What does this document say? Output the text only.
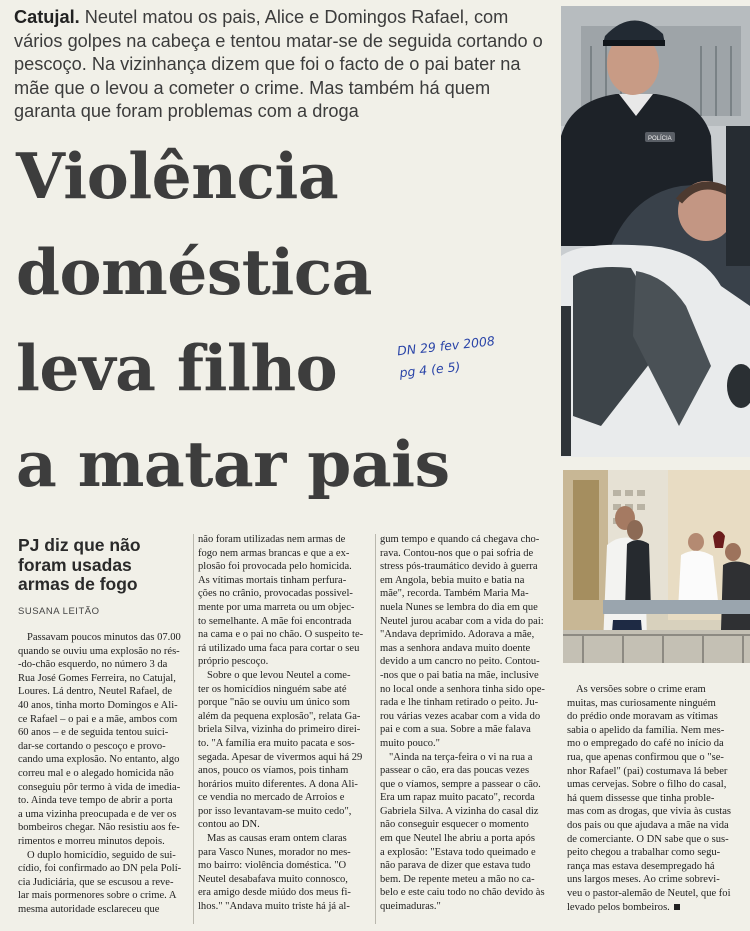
Catujal. Neutel matou os pais, Alice e Domingos Rafael, com vários golpes na cabeça e tentou matar-se de seguida cortando o pescoço. Na vizinhança dizem que foi o facto de o pai bater na mãe que o levou a cometer o crime. Mas também há quem garanta que foram problemas com a droga

Violência
doméstica
leva filho
a matar pais
DN 29 fev 2008
pg 4 (e 5)
POLÍCIA
PJ diz que não
foram usadas
armas de fogo
SUSANA LEITÃO
Passavam poucos minutos das 07.00
quando se ouviu uma explosão no rés-
-do-chão esquerdo, no número 3 da
Rua José Gomes Ferreira, no Catujal,
Loures. Lá dentro, Neutel Rafael, de
40 anos, tinha morto Domingos e Ali-
ce Rafael – o pai e a mãe, ambos com
60 anos – e de seguida tentou suici-
dar-se cortando o pescoço e provo-
cando uma explosão. No entanto, algo
correu mal e o alegado homicida não
conseguiu pôr termo à vida de imedia-
to. Ainda teve tempo de abrir a porta
a uma vizinha preocupada e de ver os
bombeiros chegar. Não resistiu aos fe-
rimentos e morreu minutos depois.
O duplo homicídio, seguido de sui-
cídio, foi confirmado ao DN pela Polí-
cia Judiciária, que se escusou a reve-
lar mais pormenores sobre o crime. A
mesma autoridade esclareceu que
não foram utilizadas nem armas de
fogo nem armas brancas e que a ex-
plosão foi provocada pelo homicida.
As vítimas mortais tinham perfura-
ções no crânio, provocadas possivel-
mente por uma marreta ou um objec-
to semelhante. A mãe foi encontrada
na cama e o pai no chão. O suspeito te-
rá utilizado uma faca para cortar o seu
próprio pescoço.
Sobre o que levou Neutel a come-
ter os homicídios ninguém sabe até
porque "não se ouviu um único som
além da pequena explosão", relata Ga-
briela Silva, vizinha do primeiro direi-
to. "A família era muito pacata e sos-
segada. Apesar de vivermos aqui há 29
anos, pouco os víamos, pois tinham
horários muito diferentes. A dona Ali-
ce vendia no mercado de Arroios e
por isso levantavam-se muito cedo",
contou ao DN.
Mas as causas eram ontem claras
para Vasco Nunes, morador no mes-
mo bairro: violência doméstica. "O
Neutel desabafava muito connosco,
era amigo desde miúdo dos meus fi-
lhos." "Andava muito triste há já al-
gum tempo e quando cá chegava cho-
rava. Contou-nos que o pai sofria de
stress pós-traumático devido à guerra
em Angola, bebia muito e batia na
mãe", recorda. Também Maria Ma-
nuela Nunes se lembra do dia em que
Neutel jurou acabar com a vida do pai:
"Andava deprimido. Adorava a mãe,
mas a senhora andava muito doente
devido a um cancro no peito. Contou-
-nos que o pai batia na mãe, inclusive
no local onde a senhora tinha sido ope-
rada e lhe tinham retirado o peito. Ju-
rou várias vezes acabar com a vida do
pai e com a sua. Sobre a mãe falava
muito pouco."
"Ainda na terça-feira o vi na rua a
passear o cão, era das poucas vezes
que o víamos, sempre a passear o cão.
Era um rapaz muito pacato", recorda
Gabriela Silva. A vizinha do casal diz
não conseguir esquecer o momento
em que Neutel lhe abriu a porta após
a explosão: "Estava todo queimado e
não parava de dizer que estava tudo
bem. De repente meteu a mão no ca-
belo e este caiu todo no chão devido às
queimaduras."
As versões sobre o crime eram
muitas, mas curiosamente ninguém
do prédio onde moravam as vítimas
sabia o apelido da família. Nem mes-
mo o empregado do café no início da
rua, que apenas confirmou que o "se-
nhor Rafael" (pai) costumava lá beber
umas cervejas. Sobre o filho do casal,
há quem dissesse que tinha proble-
mas com as drogas, que vivia às custas
dos pais ou que ajudava a mãe na vida
de comerciante. O DN sabe que o sus-
peito chegou a trabalhar como segu-
rança mas estava desempregado há
uns largos meses. Ao crime sobrevi-
veu o pastor-alemão de Neutel, que foi
levado pelos bombeiros.
